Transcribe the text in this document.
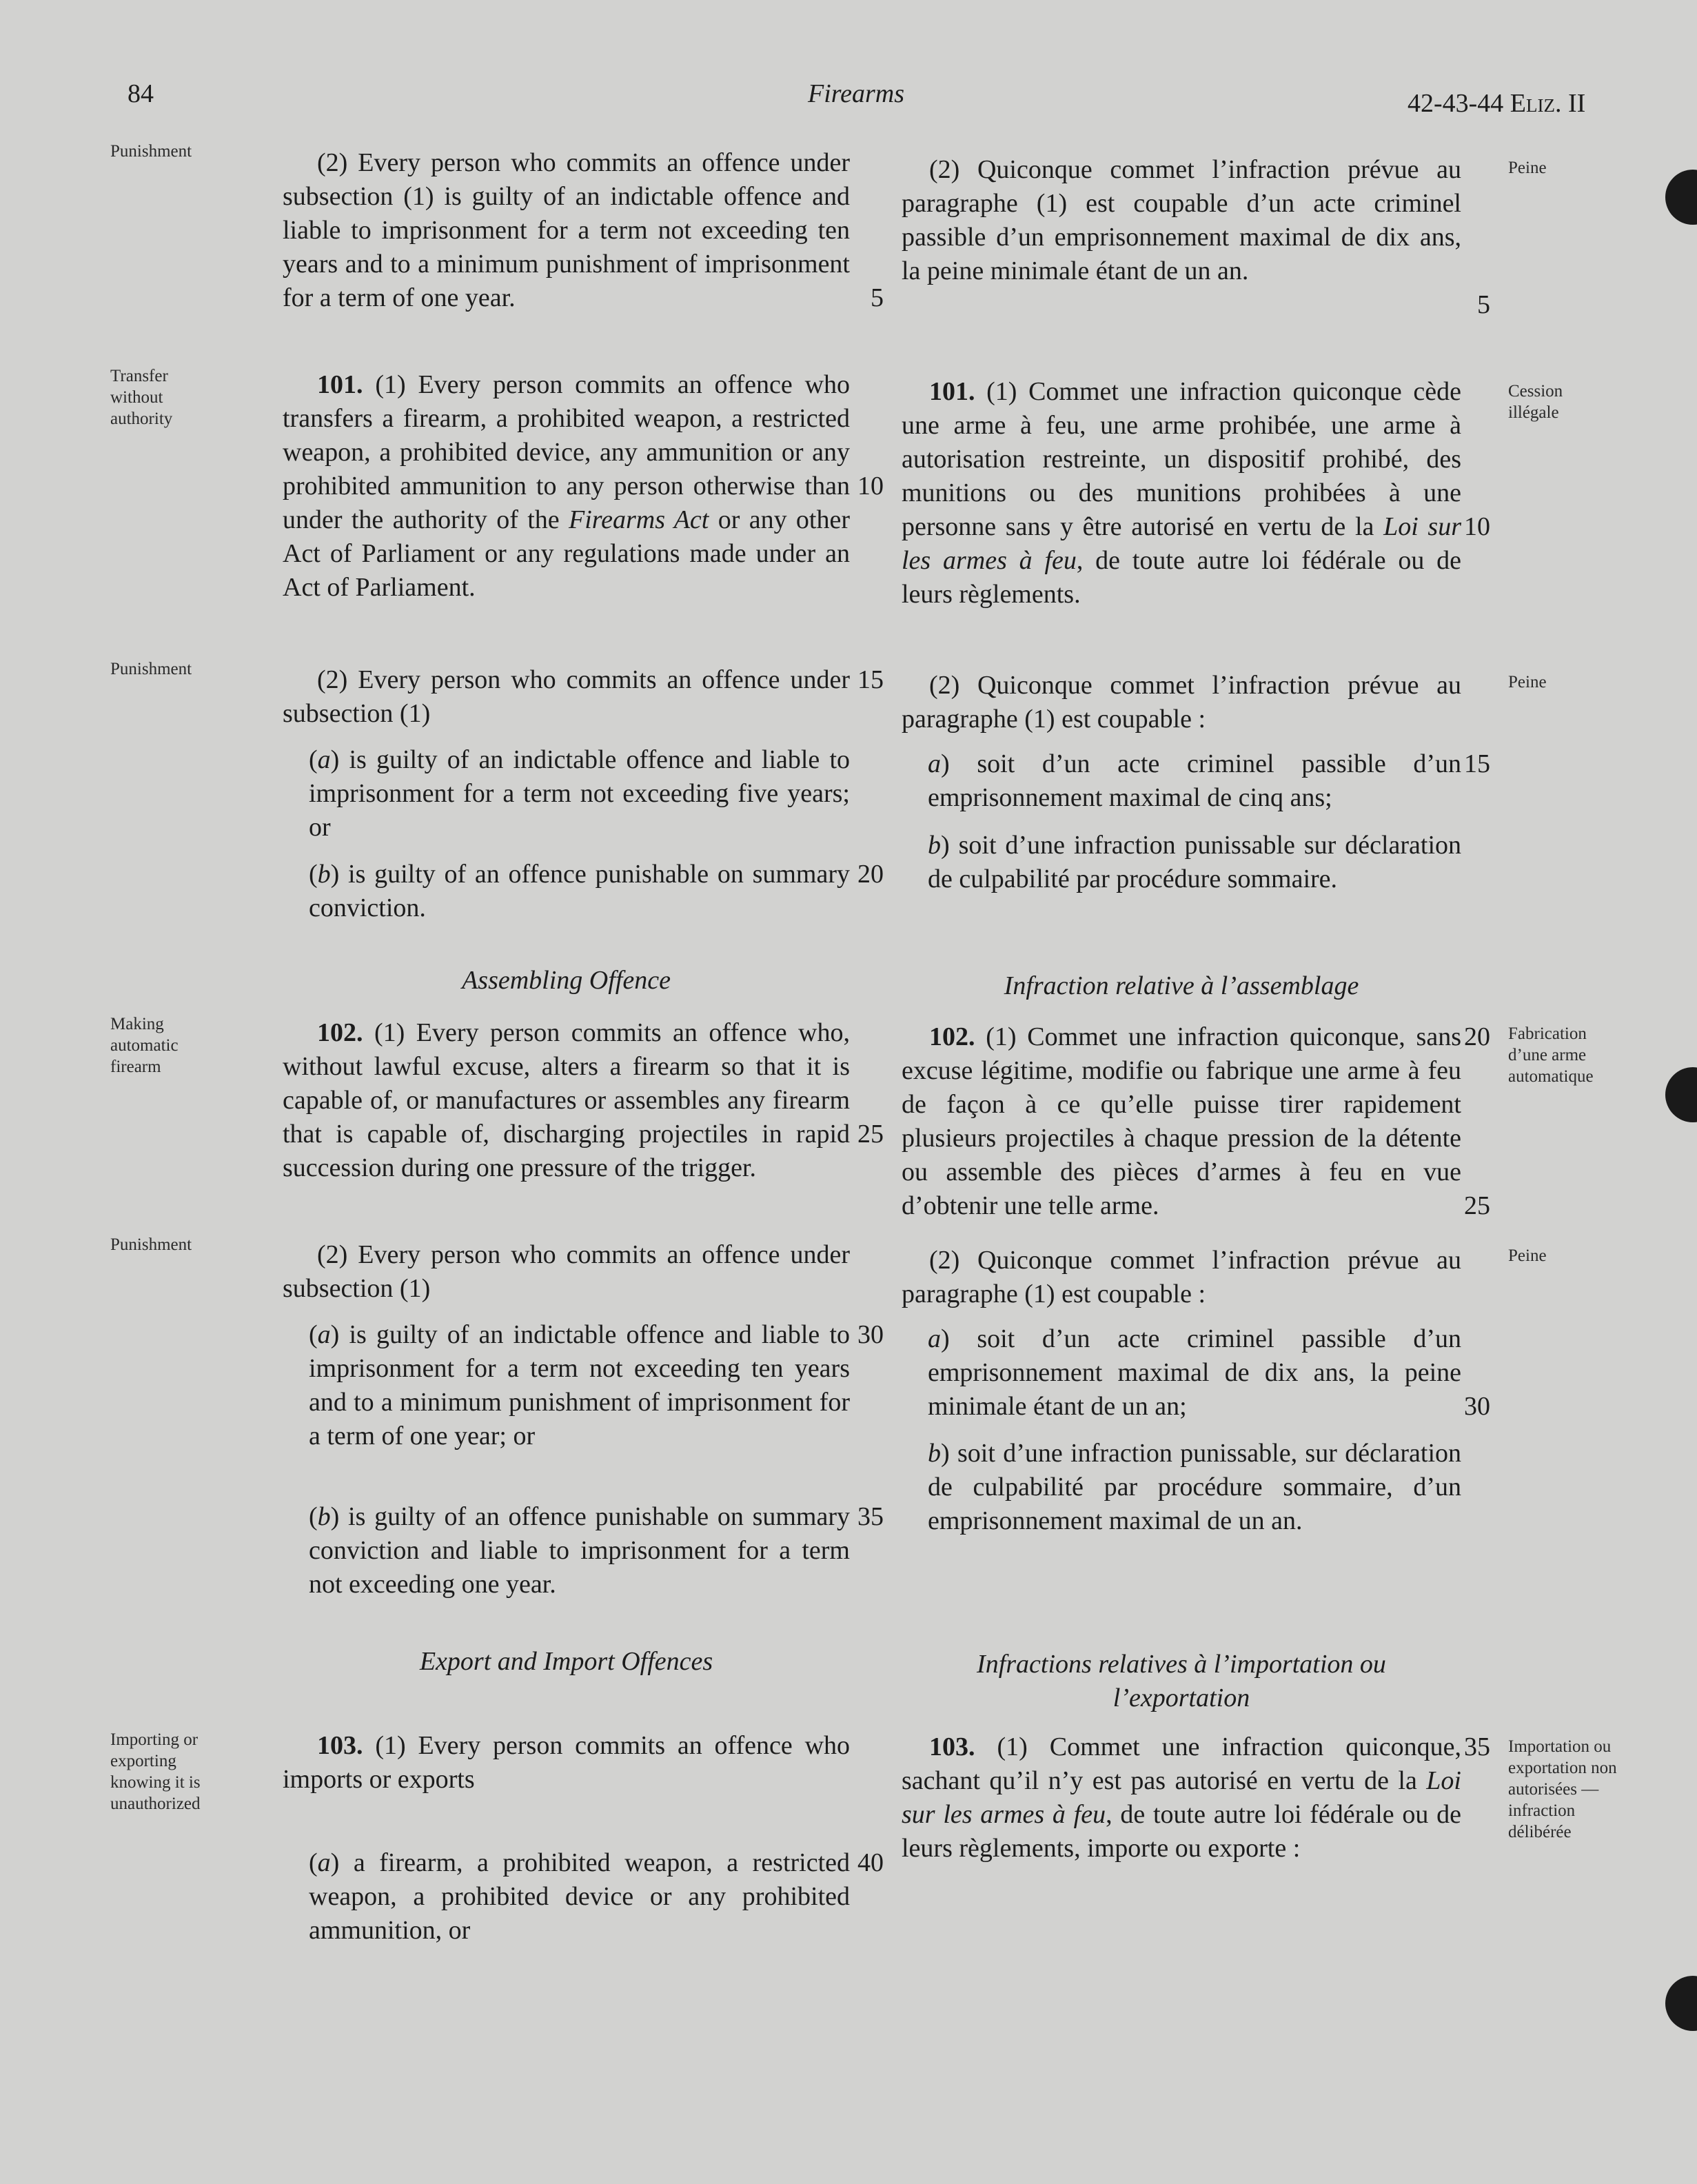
84	Firearms	42-43-44 Eliz. II
Punishment
Transfer without authority
Punishment
Making automatic firearm
Punishment
Importing or exporting knowing it is unauthorized
Peine
Cession illégale
Peine
Fabrication d’une arme automatique
Peine
Importation ou exportation non autorisées — infraction délibérée

(2) Every person who commits an offence under subsection (1) is guilty of an indictable offence and liable to imprisonment for a term not exceeding ten years and to a minimum punishment of imprisonment for a term of one year.

101. (1) Every person commits an offence who transfers a firearm, a prohibited weapon, a restricted weapon, a prohibited device, any ammunition or any prohibited ammunition to any person otherwise than under the authority of the Firearms Act or any other Act of Parliament or any regulations made under an Act of Parliament.

(2) Every person who commits an offence under subsection (1)

(a) is guilty of an indictable offence and liable to imprisonment for a term not exceeding five years; or

(b) is guilty of an offence punishable on summary conviction.

Assembling Offence

102. (1) Every person commits an offence who, without lawful excuse, alters a firearm so that it is capable of, or manufactures or assembles any firearm that is capable of, discharging projectiles in rapid succession during one pressure of the trigger.

(2) Every person who commits an offence under subsection (1)

(a) is guilty of an indictable offence and liable to imprisonment for a term not exceeding ten years and to a minimum punishment of imprisonment for a term of one year; or

(b) is guilty of an offence punishable on summary conviction and liable to imprisonment for a term not exceeding one year.

Export and Import Offences

103. (1) Every person commits an offence who imports or exports

(a) a firearm, a prohibited weapon, a restricted weapon, a prohibited device or any prohibited ammunition, or

(2) Quiconque commet l’infraction prévue au paragraphe (1) est coupable d’un acte criminel passible d’un emprisonnement maximal de dix ans, la peine minimale étant de un an.

101. (1) Commet une infraction quiconque cède une arme à feu, une arme prohibée, une arme à autorisation restreinte, un dispositif prohibé, des munitions ou des munitions prohibées à une personne sans y être autorisé en vertu de la Loi sur les armes à feu, de toute autre loi fédérale ou de leurs règlements.

(2) Quiconque commet l’infraction prévue au paragraphe (1) est coupable :

a) soit d’un acte criminel passible d’un emprisonnement maximal de cinq ans;

b) soit d’une infraction punissable sur déclaration de culpabilité par procédure sommaire.

Infraction relative à l’assemblage

102. (1) Commet une infraction quiconque, sans excuse légitime, modifie ou fabrique une arme à feu de façon à ce qu’elle puisse tirer rapidement plusieurs projectiles à chaque pression de la détente ou assemble des pièces d’armes à feu en vue d’obtenir une telle arme.

(2) Quiconque commet l’infraction prévue au paragraphe (1) est coupable :

a) soit d’un acte criminel passible d’un emprisonnement maximal de dix ans, la peine minimale étant de un an;

b) soit d’une infraction punissable, sur déclaration de culpabilité par procédure sommaire, d’un emprisonnement maximal de un an.

Infractions relatives à l’importation ou
l’exportation

103. (1) Commet une infraction quiconque, sachant qu’il n’y est pas autorisé en vertu de la Loi sur les armes à feu, de toute autre loi fédérale ou de leurs règlements, importe ou exporte :

5
10
15
20
25
30
35
40
5
10
15
20
25
30
35
